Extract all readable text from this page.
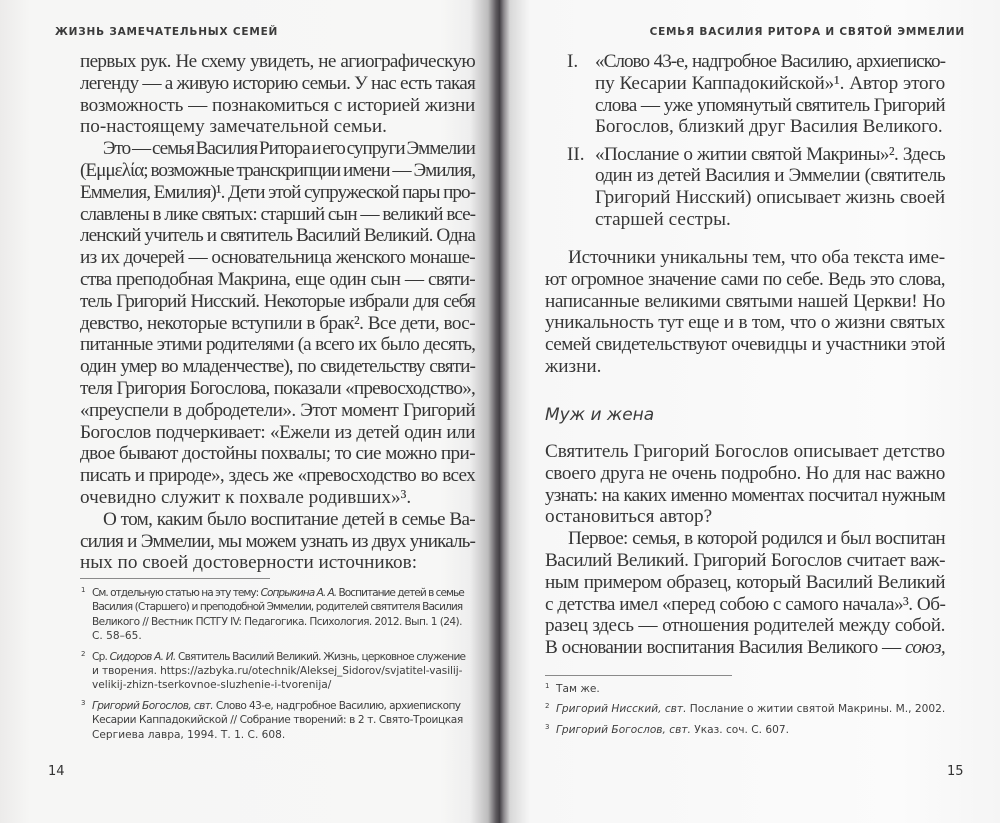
ЖИЗНЬ ЗАМЕЧАТЕЛЬНЫХ СЕМЕЙ
первых рук. Не схему увидеть, не агиографическую
легенду — а живую историю семьи. У нас есть такая
возможность — познакомиться с историей жизни
по-настоящему замечательной семьи.
Это — семья Василия Ритора и его супруги Эммелии
(Εμμελία; возможные транскрипции имени — Эмилия,
Еммелия, Емилия)¹. Дети этой супружеской пары про-
славлены в лике святых: старший сын — великий все-
ленский учитель и святитель Василий Великий. Одна
из их дочерей — основательница женского монаше-
ства преподобная Макрина, еще один сын — святи-
тель Григорий Нисский. Некоторые избрали для себя
девство, некоторые вступили в брак². Все дети, вос-
питанные этими родителями (а всего их было десять,
один умер во младенчестве), по свидетельству святи-
теля Григория Богослова, показали «превосходство»,
«преуспели в добродетели». Этот момент Григорий
Богослов подчеркивает: «Ежели из детей один или
двое бывают достойны похвалы; то сие можно при-
писать и природе», здесь же «превосходство во всех
очевидно служит к похвале родивших»³.
О том, каким было воспитание детей в семье Ва-
силия и Эммелии, мы можем узнать из двух уникаль-
ных по своей достоверности источников:
1 См. отдельную статью на эту тему: Сопрыкина А. А. Воспитание детей в семье
Василия (Старшего) и преподобной Эммелии, родителей святителя Василия
Великого // Вестник ПСТГУ IV: Педагогика. Психология. 2012. Вып. 1 (24).
С. 58–65.
2 Ср. Сидоров А. И. Святитель Василий Великий. Жизнь, церковное служение
и творения. https://azbyka.ru/otechnik/Aleksej_Sidorov/svjatitel-vasilij-
velikij-zhizn-tserkovnoe-sluzhenie-i-tvorenija/
3 Григорий Богослов, свт. Слово 43-е, надгробное Василию, архиепископу
Кесарии Каппадокийской // Собрание творений: в 2 т. Свято-Троицкая
Сергиева лавра, 1994. Т. 1. С. 608.
14
СЕМЬЯ ВАСИЛИЯ РИТОРА И СВЯТОЙ ЭММЕЛИИ
I. «Слово 43-е, надгробное Василию, архиеписко-
пу Кесарии Каппадокийской»¹. Автор этого
слова — уже упомянутый святитель Григорий
Богослов, близкий друг Василия Великого.
II. «Послание о житии святой Макрины»². Здесь
один из детей Василия и Эммелии (святитель
Григорий Нисский) описывает жизнь своей
старшей сестры.
Источники уникальны тем, что оба текста име-
ют огромное значение сами по себе. Ведь это слова,
написанные великими святыми нашей Церкви! Но
уникальность тут еще и в том, что о жизни святых
семей свидетельствуют очевидцы и участники этой
жизни.
Муж и жена
Святитель Григорий Богослов описывает детство
своего друга не очень подробно. Но для нас важно
узнать: на каких именно моментах посчитал нужным
остановиться автор?
Первое: семья, в которой родился и был воспитан
Василий Великий. Григорий Богослов считает важ-
ным примером образец, который Василий Великий
с детства имел «перед собою с самого начала»³. Об-
разец здесь — отношения родителей между собой.
В основании воспитания Василия Великого — союз,
1 Там же.
2 Григорий Нисский, свт. Послание о житии святой Макрины. М., 2002.
3 Григорий Богослов, свт. Указ. соч. С. 607.
15
